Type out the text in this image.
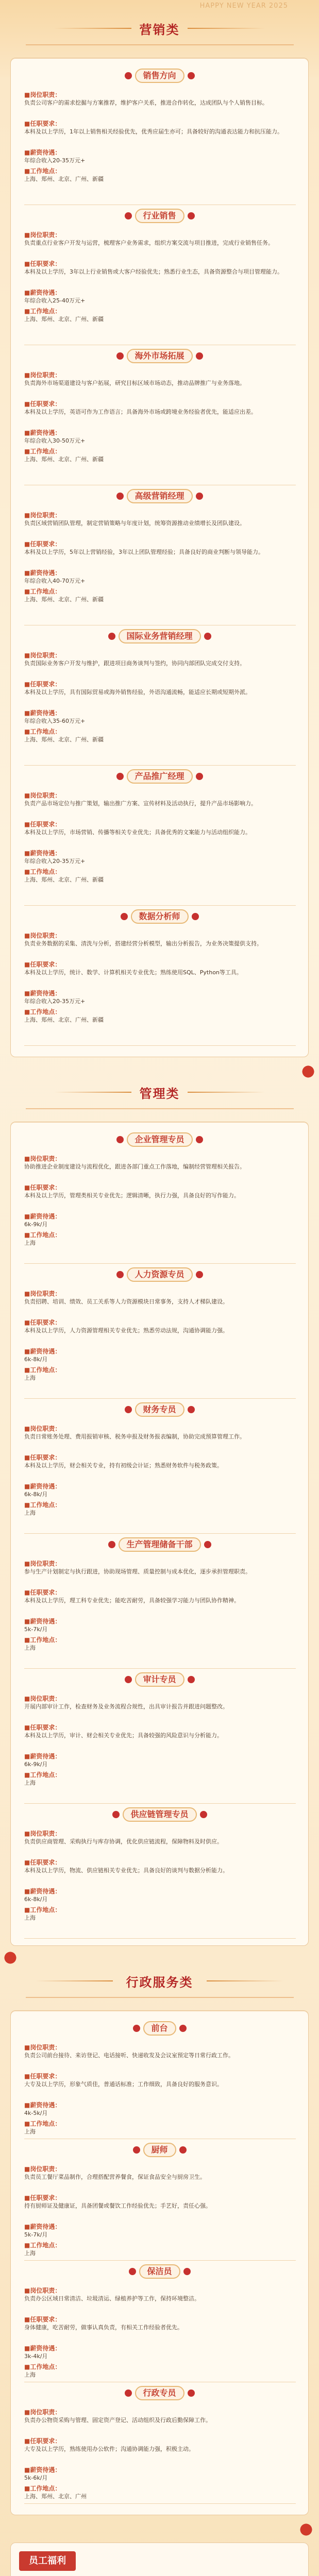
HAPPY NEW YEAR 2025
营销类
销售方向
■岗位职责：
负责公司客户的需求挖掘与方案推荐，维护客户关系，推进合作转化，达成团队与个人销售目标。
■任职要求：
本科及以上学历，1年以上销售相关经验优先，优秀应届生亦可；具备较好的沟通表达能力和抗压能力。
■薪资待遇：
年综合收入20-35万元+
■工作地点：
上海、郑州、北京、广州、新疆
行业销售
■岗位职责：
负责重点行业客户开发与运营，梳理客户业务需求，组织方案交流与项目推进，完成行业销售任务。
■任职要求：
本科及以上学历，3年以上行业销售或大客户经验优先；熟悉行业生态，具备资源整合与项目管理能力。
■薪资待遇：
年综合收入25-40万元+
■工作地点：
上海、郑州、北京、广州、新疆
海外市场拓展
■岗位职责：
负责海外市场渠道建设与客户拓展，研究目标区域市场动态，推动品牌推广与业务落地。
■任职要求：
本科及以上学历，英语可作为工作语言；具备海外市场或跨境业务经验者优先，能适应出差。
■薪资待遇：
年综合收入30-50万元+
■工作地点：
上海、郑州、北京、广州、新疆
高级营销经理
■岗位职责：
负责区域营销团队管理，制定营销策略与年度计划，统筹资源推动业绩增长及团队建设。
■任职要求：
本科及以上学历，5年以上营销经验，3年以上团队管理经验；具备良好的商业判断与领导能力。
■薪资待遇：
年综合收入40-70万元+
■工作地点：
上海、郑州、北京、广州、新疆
国际业务营销经理
■岗位职责：
负责国际业务客户开发与维护，跟进项目商务谈判与签约，协同内部团队完成交付支持。
■任职要求：
本科及以上学历，具有国际贸易或海外销售经验，外语沟通流畅，能适应长期或短期外派。
■薪资待遇：
年综合收入35-60万元+
■工作地点：
上海、郑州、北京、广州、新疆
产品推广经理
■岗位职责：
负责产品市场定位与推广策划，输出推广方案、宣传材料及活动执行，提升产品市场影响力。
■任职要求：
本科及以上学历，市场营销、传播等相关专业优先；具备优秀的文案能力与活动组织能力。
■薪资待遇：
年综合收入20-35万元+
■工作地点：
上海、郑州、北京、广州、新疆
数据分析师
■岗位职责：
负责业务数据的采集、清洗与分析，搭建经营分析模型，输出分析报告，为业务决策提供支持。
■任职要求：
本科及以上学历，统计、数学、计算机相关专业优先；熟练使用SQL、Python等工具。
■薪资待遇：
年综合收入20-35万元+
■工作地点：
上海、郑州、北京、广州、新疆
管理类
企业管理专员
■岗位职责：
协助推进企业制度建设与流程优化，跟进各部门重点工作落地，编制经营管理相关报告。
■任职要求：
本科及以上学历，管理类相关专业优先；逻辑清晰，执行力强，具备良好的写作能力。
■薪资待遇：
6k-9k/月
■工作地点：
上海
人力资源专员
■岗位职责：
负责招聘、培训、绩效、员工关系等人力资源模块日常事务，支持人才梯队建设。
■任职要求：
本科及以上学历，人力资源管理相关专业优先；熟悉劳动法规，沟通协调能力强。
■薪资待遇：
6k-8k/月
■工作地点：
上海
财务专员
■岗位职责：
负责日常账务处理、费用报销审核、税务申报及财务报表编制，协助完成预算管理工作。
■任职要求：
本科及以上学历，财会相关专业，持有初级会计证；熟悉财务软件与税务政策。
■薪资待遇：
6k-8k/月
■工作地点：
上海
生产管理储备干部
■岗位职责：
参与生产计划制定与执行跟进，协助现场管理、质量控制与成本优化，逐步承担管理职责。
■任职要求：
本科及以上学历，理工科专业优先；能吃苦耐劳，具备较强学习能力与团队协作精神。
■薪资待遇：
5k-7k/月
■工作地点：
上海
审计专员
■岗位职责：
开展内部审计工作，检查财务及业务流程合规性，出具审计报告并跟进问题整改。
■任职要求：
本科及以上学历，审计、财会相关专业优先；具备较强的风险意识与分析能力。
■薪资待遇：
6k-9k/月
■工作地点：
上海
供应链管理专员
■岗位职责：
负责供应商管理、采购执行与库存协调，优化供应链流程，保障物料及时供应。
■任职要求：
本科及以上学历，物流、供应链相关专业优先；具备良好的谈判与数据分析能力。
■薪资待遇：
6k-8k/月
■工作地点：
上海
行政服务类
前台
■岗位职责：
负责公司前台接待、来访登记、电话接听、快递收发及会议室预定等日常行政工作。
■任职要求：
大专及以上学历，形象气质佳，普通话标准；工作细致，具备良好的服务意识。
■薪资待遇：
4k-5k/月
■工作地点：
上海
厨师
■岗位职责：
负责员工餐厅菜品制作，合理搭配营养餐食，保证食品安全与厨房卫生。
■任职要求：
持有厨师证及健康证，具备团餐或餐饮工作经验优先；手艺好，责任心强。
■薪资待遇：
5k-7k/月
■工作地点：
上海
保洁员
■岗位职责：
负责办公区域日常清洁、垃圾清运、绿植养护等工作，保持环境整洁。
■任职要求：
身体健康，吃苦耐劳，做事认真负责，有相关工作经验者优先。
■薪资待遇：
3k-4k/月
■工作地点：
上海
行政专员
■岗位职责：
负责办公物资采购与管理、固定资产登记、活动组织及行政后勤保障工作。
■任职要求：
大专及以上学历，熟练使用办公软件；沟通协调能力强，积极主动。
■薪资待遇：
5k-6k/月
■工作地点：
上海、郑州、北京、广州
员工福利
